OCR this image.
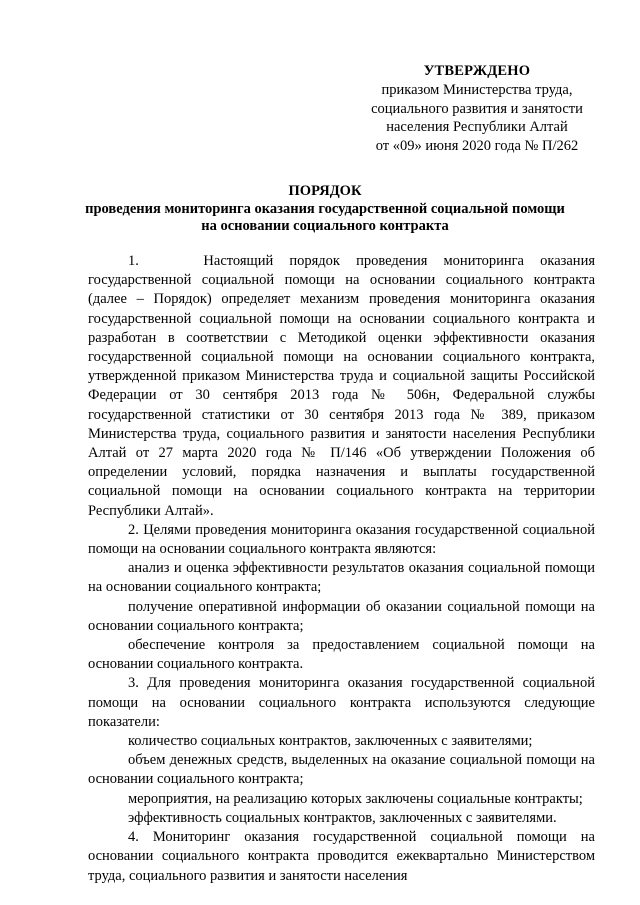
УТВЕРЖДЕНО
приказом Министерства труда,
социального развития и занятости
населения Республики Алтай
от «09» июня 2020 года № П/262
ПОРЯДОК
проведения мониторинга оказания государственной социальной помощи
на основании социального контракта

1.    Настоящий порядок проведения мониторинга оказания государственной социальной помощи на основании социального контракта (далее – Порядок) определяет механизм проведения мониторинга оказания государственной социальной помощи на основании социального контракта и разработан в соответствии с Методикой оценки эффективности оказания государственной социальной помощи на основании социального контракта, утвержденной приказом Министерства труда и социальной защиты Российской Федерации от 30 сентября 2013 года № 506н, Федеральной службы государственной статистики от 30 сентября 2013 года № 389, приказом Министерства труда, социального развития и занятости населения Республики Алтай от 27 марта 2020 года № П/146 «Об утверждении Положения об определении условий, порядка назначения и выплаты государственной социальной помощи на основании социального контракта на территории Республики Алтай».

2. Целями проведения мониторинга оказания государственной социальной помощи на основании социального контракта являются:

анализ и оценка эффективности результатов оказания социальной помощи на основании социального контракта;

получение оперативной информации об оказании социальной помощи на основании социального контракта;

обеспечение контроля за предоставлением социальной помощи на основании социального контракта.

3. Для проведения мониторинга оказания государственной социальной помощи на основании социального контракта используются следующие показатели:

количество социальных контрактов, заключенных с заявителями;

объем денежных средств, выделенных на оказание социальной помощи на основании социального контракта;

мероприятия, на реализацию которых заключены социальные контракты;

эффективность социальных контрактов, заключенных с заявителями.

4. Мониторинг оказания государственной социальной помощи на основании социального контракта проводится ежеквартально Министерством труда, социального развития и занятости населения
